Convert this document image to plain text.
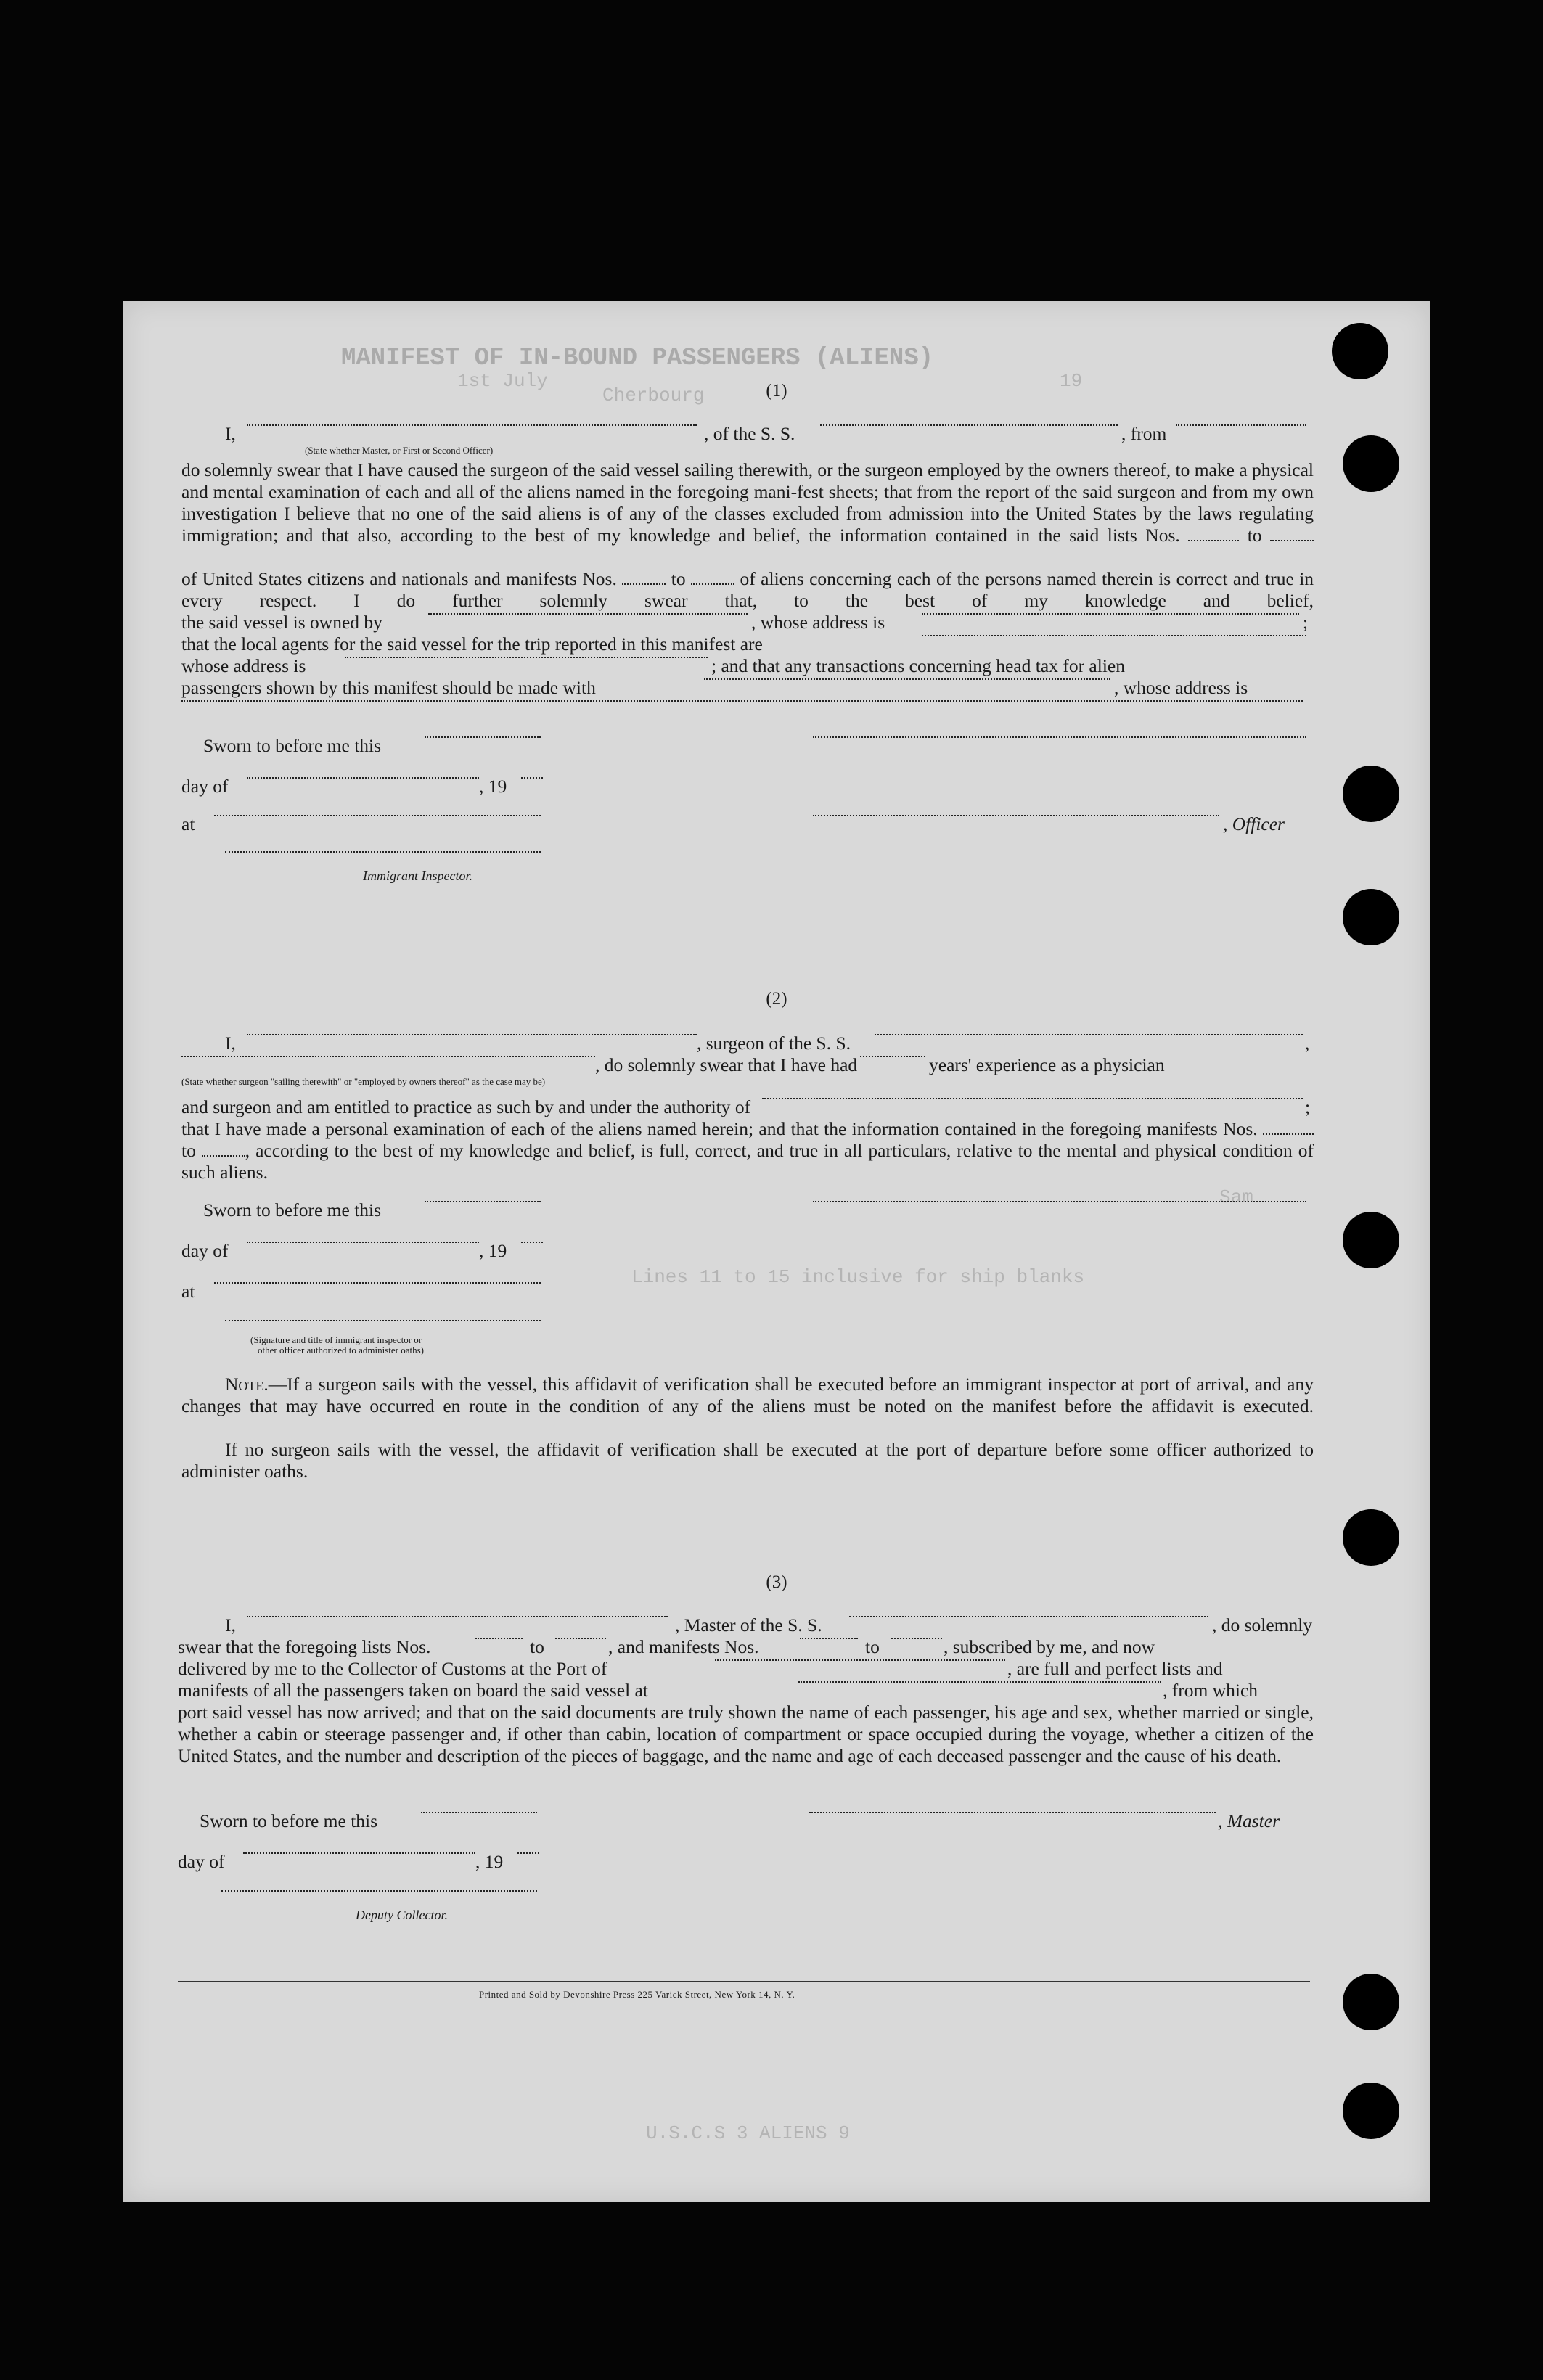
MANIFEST OF IN-BOUND PASSENGERS (ALIENS)
Cherbourg
1st July
Sam
Lines 11 to 15 inclusive for ship blanks
U.S.C.S 3 ALIENS 9
19
(1)
I,	, of the S. S.	, from
(State whether Master, or First or Second Officer)
do solemnly swear that I have caused the surgeon of the said vessel sailing therewith, or the surgeon employed by the owners thereof, to make a physical and mental examination of each and all of the aliens named in the foregoing mani-fest sheets; that from the report of the said surgeon and from my own investigation I believe that no one of the said aliens is of any of the classes excluded from admission into the United States by the laws regulating immigration; and that also, according to the best of my knowledge and belief, the information contained in the said lists Nos.	to
of United States citizens and nationals and manifests Nos.	to	of aliens concerning each of the persons named therein is correct and true in every respect. I do further solemnly swear that, to the best of my knowledge and belief,
the said vessel is owned by	, whose address is	;
that the local agents for the said vessel for the trip reported in this manifest are
whose address is	; and that any transactions concerning head tax for alien
passengers shown by this manifest should be made with	, whose address is
Sworn to before me this
day of	, 19
at	, Officer
Immigrant Inspector.
(2)
I,	, surgeon of the S. S.	,
, do solemnly swear that I have had	years' experience as a physician
(State whether surgeon "sailing therewith" or "employed by owners thereof" as the case may be)
and surgeon and am entitled to practice as such by and under the authority of	;
that I have made a personal examination of each of the aliens named herein; and that the information contained in the foregoing manifests Nos.  to	, according to the best of my knowledge and belief, is full, correct, and true in all particulars, relative to the mental and physical condition of such aliens.
Sworn to before me this
day of	, 19
at
(Signature and title of immigrant inspector or
other officer authorized to administer oaths)
Note.—If a surgeon sails with the vessel, this affidavit of verification shall be executed before an immigrant inspector at port of arrival, and any changes that may have occurred en route in the condition of any of the aliens must be noted on the manifest before the affidavit is executed.
If no surgeon sails with the vessel, the affidavit of verification shall be executed at the port of departure before some officer authorized to administer oaths.
(3)
I,	, Master of the S. S.	, do solemnly
swear that the foregoing lists Nos.	to	, and manifests Nos.	to	, subscribed by me, and now
delivered by me to the Collector of Customs at the Port of	, are full and perfect lists and
manifests of all the passengers taken on board the said vessel at	, from which
port said vessel has now arrived; and that on the said documents are truly shown the name of each passenger, his age and sex, whether married or single, whether a cabin or steerage passenger and, if other than cabin, location of compartment or space occupied during the voyage, whether a citizen of the United States, and the number and description of the pieces of baggage, and the name and age of each deceased passenger and the cause of his death.
Sworn to before me this	, Master
day of	, 19
Deputy Collector.
Printed and Sold by Devonshire Press 225 Varick Street, New York 14, N. Y.
